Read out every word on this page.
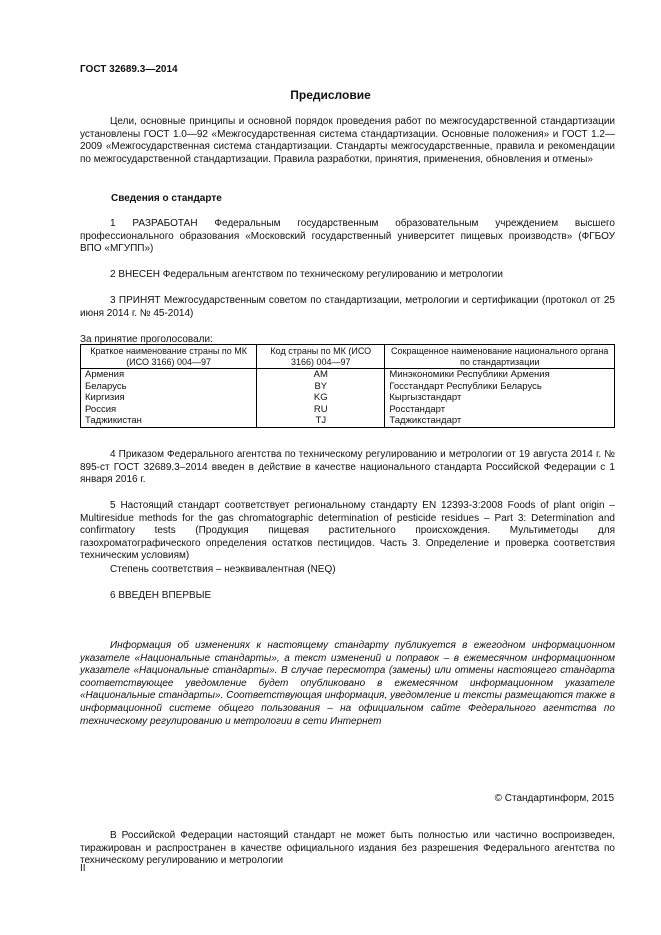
ГОСТ 32689.3—2014
Предисловие
Цели, основные принципы и основной порядок проведения работ по межгосударственной стандартизации установлены ГОСТ 1.0—92 «Межгосударственная система стандартизации. Основные положения» и ГОСТ 1.2—2009 «Межгосударственная система стандартизации. Стандарты межгосударственные, правила и рекомендации по межгосударственной стандартизации. Правила разработки, принятия, применения, обновления и отмены»
Сведения о стандарте
1 РАЗРАБОТАН Федеральным государственным образовательным учреждением высшего профессионального образования «Московский государственный университет пищевых производств» (ФГБОУ ВПО «МГУПП»)
2 ВНЕСЕН Федеральным агентством по техническому регулированию и метрологии
3 ПРИНЯТ Межгосударственным советом по стандартизации, метрологии и сертификации (протокол от 25 июня 2014 г. № 45-2014)
За принятие проголосовали:
Краткое наименование страны по МК (ИСО 3166) 004—97	Код страны по МК (ИСО 3166) 004—97	Сокращенное наименование национального органа по стандартизации
Армения	AM	Минэкономики Республики Армения
Беларусь	BY	Госстандарт Республики Беларусь
Киргизия	KG	Кыргызстандарт
Россия	RU	Росстандарт
Таджикистан	TJ	Таджикстандарт
4 Приказом Федерального агентства по техническому регулированию и метрологии от 19 августа 2014 г. № 895-ст ГОСТ 32689.3–2014 введен в действие в качестве национального стандарта Российской Федерации с 1 января 2016 г.
5 Настоящий стандарт соответствует региональному стандарту EN 12393-3:2008 Foods of plant origin – Multiresidue methods for the gas chromatographic determination of pesticide residues – Part 3: Determination and confirmatory tests (Продукция пищевая растительного происхождения. Мультиметоды для газохроматографического определения остатков пестицидов. Часть 3. Определение и проверка соответствия техническим условиям)
Степень соответствия – неэквивалентная (NEQ)
6 ВВЕДЕН ВПЕРВЫЕ
Информация об изменениях к настоящему стандарту публикуется в ежегодном информационном указателе «Национальные стандарты», а текст изменений и поправок – в ежемесячном информационном указателе «Национальные стандарты». В случае пересмотра (замены) или отмены настоящего стандарта соответствующее уведомление будет опубликовано в ежемесячном информационном указателе «Национальные стандарты». Соответствующая информация, уведомление и тексты размещаются также в информационной системе общего пользования – на официальном сайте Федерального агентства по техническому регулированию и метрологии в сети Интернет
© Стандартинформ, 2015
В Российской Федерации настоящий стандарт не может быть полностью или частично воспроизведен, тиражирован и распространен в качестве официального издания без разрешения Федерального агентства по техническому регулированию и метрологии
II
